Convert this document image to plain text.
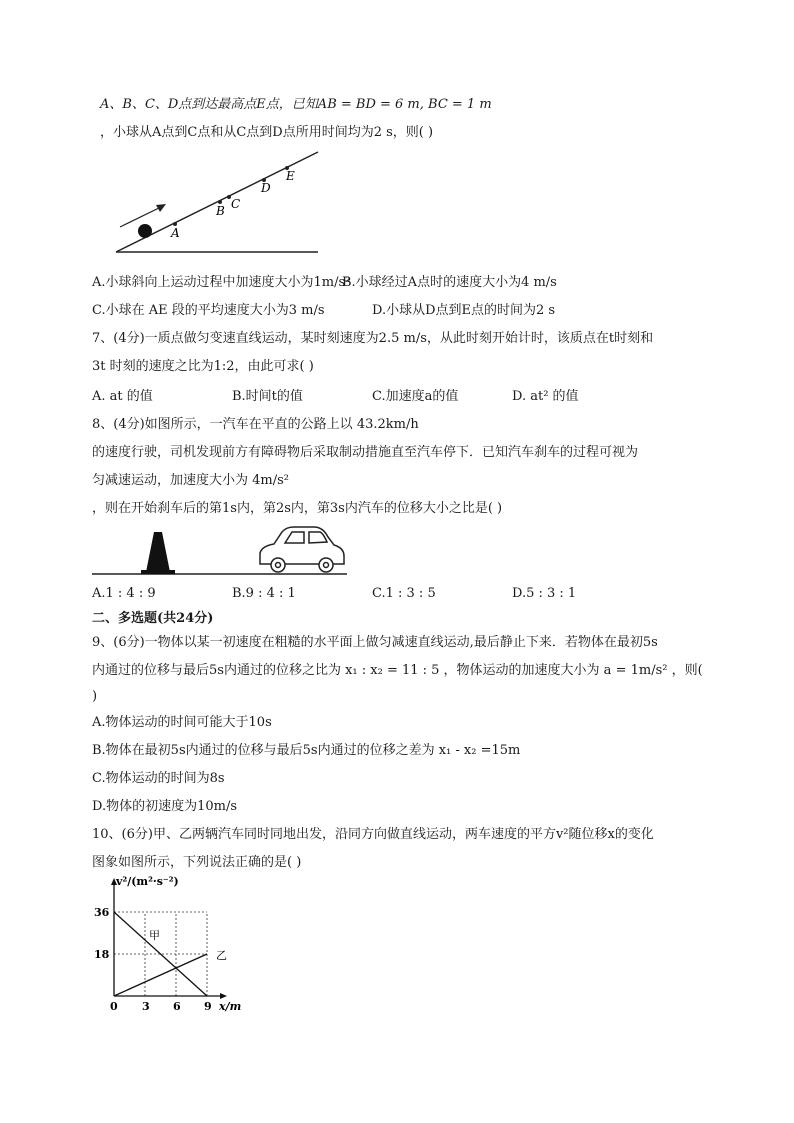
A、B、C、D点到达最高点E点，已知AB = BD = 6 m, BC = 1 m
，小球从A点到C点和从C点到D点所用时间均为2 s，则( )
A
B C
D
E
A.小球斜向上运动过程中加速度大小为1m/s²
B.小球经过A点时的速度大小为4 m/s
C.小球在 AE 段的平均速度大小为3 m/s	D.小球从D点到E点的时间为2 s
7、(4分)一质点做匀变速直线运动，某时刻速度为2.5 m/s，从此时刻开始计时，该质点在t时刻和
3t 时刻的速度之比为1:2，由此可求( )
A. at 的值	B.时间t的值	C.加速度a的值	D. at² 的值
8、(4分)如图所示，一汽车在平直的公路上以 43.2km/h
的速度行驶，司机发现前方有障碍物后采取制动措施直至汽车停下．已知汽车刹车的过程可视为
匀减速运动，加速度大小为 4m/s²
，则在开始刹车后的第1s内，第2s内，第3s内汽车的位移大小之比是( )
A.1 : 4 : 9	B.9 : 4 : 1	C.1 : 3 : 5	D.5 : 3 : 1
二、多选题(共24分)
9、(6分)一物体以某一初速度在粗糙的水平面上做匀减速直线运动,最后静止下来．若物体在最初5s
内通过的位移与最后5s内通过的位移之比为 x₁ : x₂ = 11 : 5 ，物体运动的加速度大小为 a = 1m/s² ，则(
)
A.物体运动的时间可能大于10s
B.物体在最初5s内通过的位移与最后5s内通过的位移之差为 x₁ - x₂ =15m
C.物体运动的时间为8s
D.物体的初速度为10m/s
10、(6分)甲、乙两辆汽车同时同地出发，沿同方向做直线运动，两车速度的平方v²随位移x的变化
图象如图所示，下列说法正确的是( )
甲
乙
0 3 6 9
18
36
x/m
v²/(m²·s⁻²)
